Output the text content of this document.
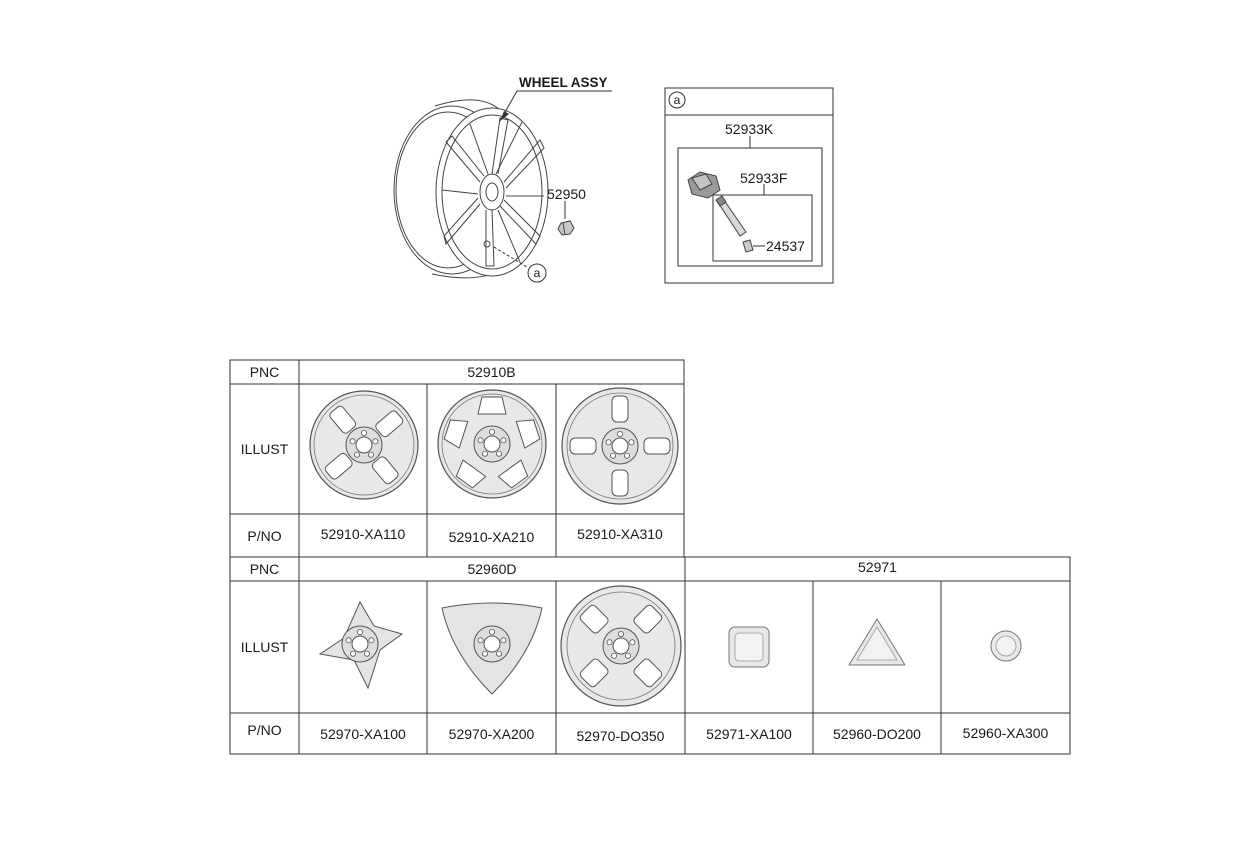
WHEEL ASSY
52950
a
a
52933K
52933F
24537
PNC	52910B
ILLUST
P/NO	52910-XA110	52910-XA210	52910-XA310
PNC	52960D	52971
ILLUST
P/NO	52970-XA100	52970-XA200	52970-DO350	52971-XA100	52960-DO200	52960-XA300
